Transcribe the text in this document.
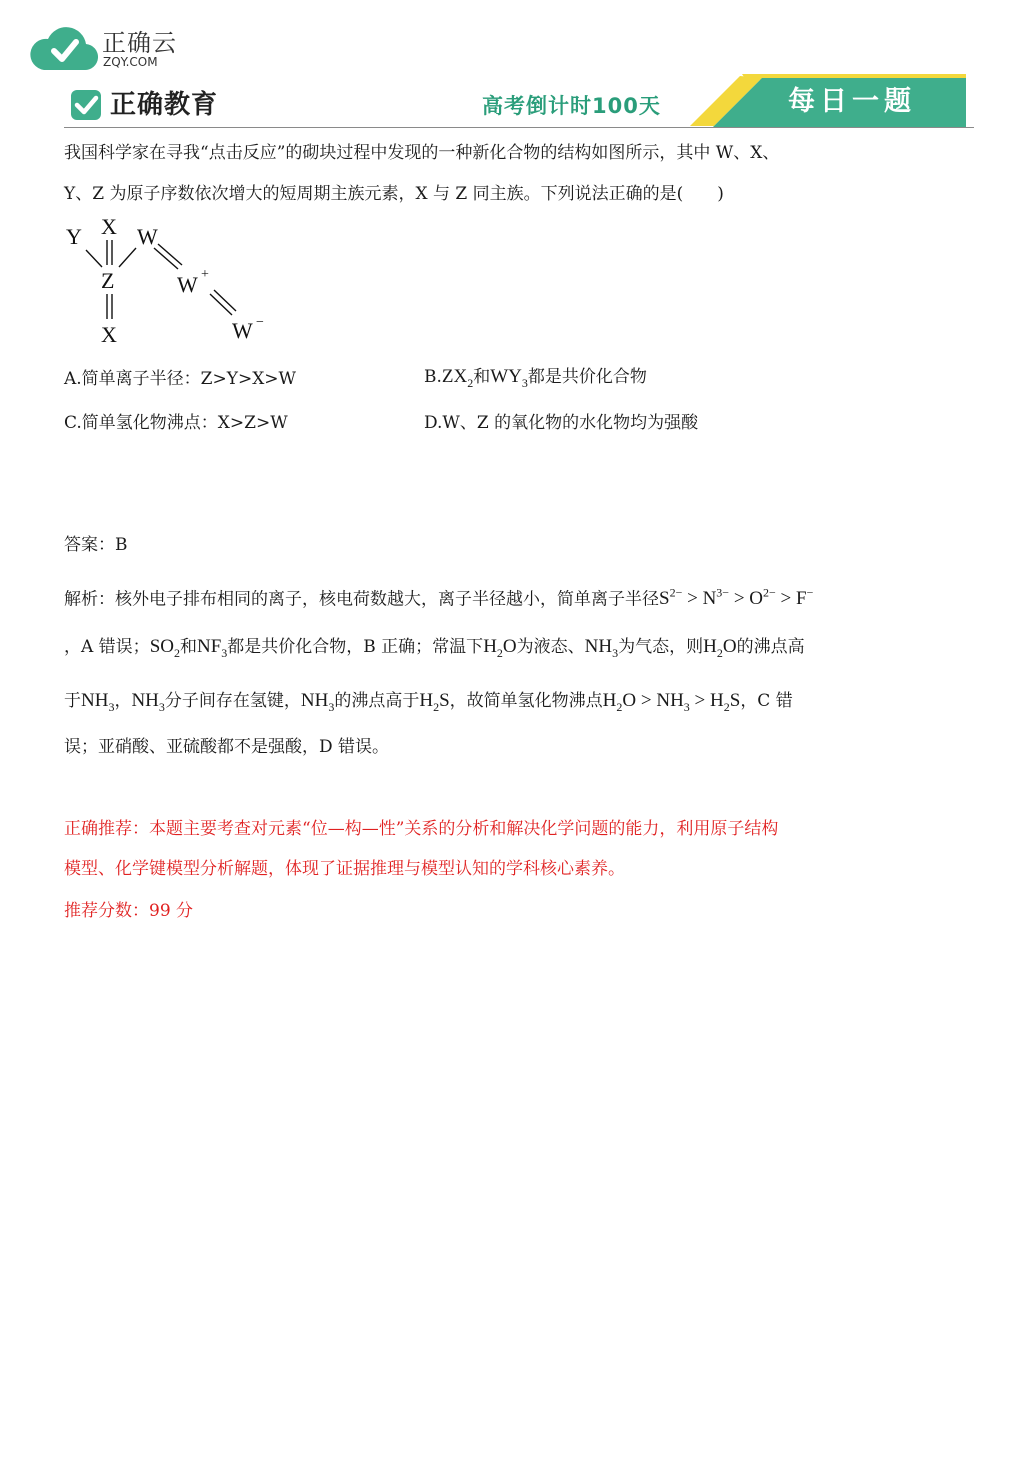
正确云
ZQY.COM
正确教育	高考倒计时100天	每日一题
我国科学家在寻我“点击反应”的砌块过程中发现的一种新化合物的结构如图所示，其中 W、X、
Y、Z 为原子序数依次增大的短周期主族元素，X 与 Z 同主族。下列说法正确的是(　　)
Y X W
Z	W +
X	W −
A.简单离子半径：Z>Y>X>W	$B.ZX_2$和$WY_3$都是共价化合物
C.简单氢化物沸点：X>Z>W	D.W、Z 的氧化物的水化物均为强酸
答案：B
解析：核外电子排布相同的离子，核电荷数越大，离子半径越小，简单离子半径$S^{2-} > N^{3-} > O^{2-} > F^-$
，A 错误；$SO_2$和$NF_3$都是共价化合物，B 正确；常温下$H_2O$为液态、$NH_3$为气态，则$H_2O$的沸点高
于$NH_3$，$NH_3$分子间存在氢键，$NH_3$的沸点高于$H_2S$，故简单氢化物沸点$H_2O > NH_3 > H_2S$，C 错
误；亚硝酸、亚硫酸都不是强酸，D 错误。
正确推荐：本题主要考查对元素“位—构—性”关系的分析和解决化学问题的能力，利用原子结构
模型、化学键模型分析解题，体现了证据推理与模型认知的学科核心素养。
推荐分数：99 分
